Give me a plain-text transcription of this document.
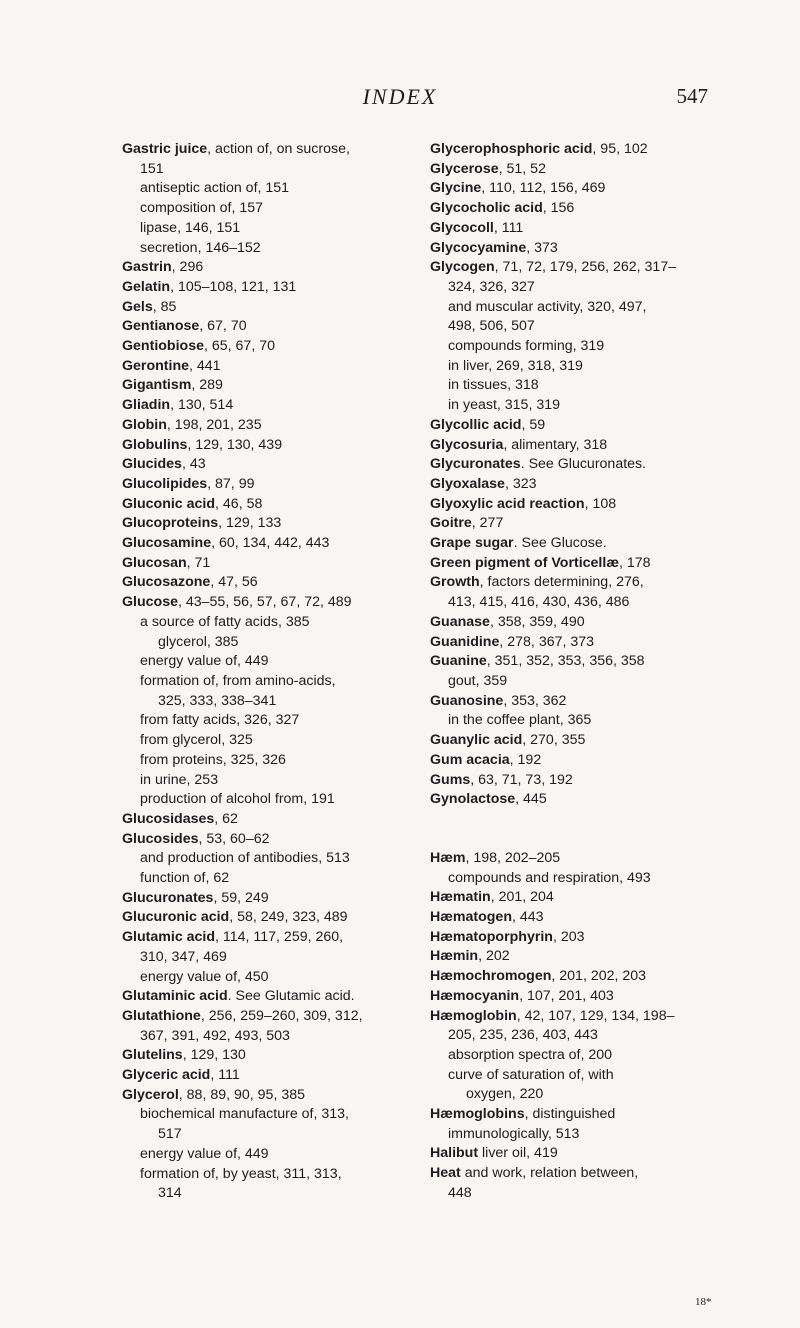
INDEX	547
Gastric juice, action of, on sucrose,
151
antiseptic action of, 151
composition of, 157
lipase, 146, 151
secretion, 146–152
Gastrin, 296
Gelatin, 105–108, 121, 131
Gels, 85
Gentianose, 67, 70
Gentiobiose, 65, 67, 70
Gerontine, 441
Gigantism, 289
Gliadin, 130, 514
Globin, 198, 201, 235
Globulins, 129, 130, 439
Glucides, 43
Glucolipides, 87, 99
Gluconic acid, 46, 58
Glucoproteins, 129, 133
Glucosamine, 60, 134, 442, 443
Glucosan, 71
Glucosazone, 47, 56
Glucose, 43–55, 56, 57, 67, 72, 489
a source of fatty acids, 385
glycerol, 385
energy value of, 449
formation of, from amino-acids,
325, 333, 338–341
from fatty acids, 326, 327
from glycerol, 325
from proteins, 325, 326
in urine, 253
production of alcohol from, 191
Glucosidases, 62
Glucosides, 53, 60–62
and production of antibodies, 513
function of, 62
Glucuronates, 59, 249
Glucuronic acid, 58, 249, 323, 489
Glutamic acid, 114, 117, 259, 260,
310, 347, 469
energy value of, 450
Glutaminic acid. See Glutamic acid.
Glutathione, 256, 259–260, 309, 312,
367, 391, 492, 493, 503
Glutelins, 129, 130
Glyceric acid, 111
Glycerol, 88, 89, 90, 95, 385
biochemical manufacture of, 313,
517
energy value of, 449
formation of, by yeast, 311, 313,
314
Glycerophosphoric acid, 95, 102
Glycerose, 51, 52
Glycine, 110, 112, 156, 469
Glycocholic acid, 156
Glycocoll, 111
Glycocyamine, 373
Glycogen, 71, 72, 179, 256, 262, 317–
324, 326, 327
and muscular activity, 320, 497,
498, 506, 507
compounds forming, 319
in liver, 269, 318, 319
in tissues, 318
in yeast, 315, 319
Glycollic acid, 59
Glycosuria, alimentary, 318
Glycuronates. See Glucuronates.
Glyoxalase, 323
Glyoxylic acid reaction, 108
Goitre, 277
Grape sugar. See Glucose.
Green pigment of Vorticellæ, 178
Growth, factors determining, 276,
413, 415, 416, 430, 436, 486
Guanase, 358, 359, 490
Guanidine, 278, 367, 373
Guanine, 351, 352, 353, 356, 358
gout, 359
Guanosine, 353, 362
in the coffee plant, 365
Guanylic acid, 270, 355
Gum acacia, 192
Gums, 63, 71, 73, 192
Gynolactose, 445
Hæm, 198, 202–205
compounds and respiration, 493
Hæmatin, 201, 204
Hæmatogen, 443
Hæmatoporphyrin, 203
Hæmin, 202
Hæmochromogen, 201, 202, 203
Hæmocyanin, 107, 201, 403
Hæmoglobin, 42, 107, 129, 134, 198–
205, 235, 236, 403, 443
absorption spectra of, 200
curve of saturation of, with
oxygen, 220
Hæmoglobins, distinguished
immunologically, 513
Halibut liver oil, 419
Heat and work, relation between,
448
18*
